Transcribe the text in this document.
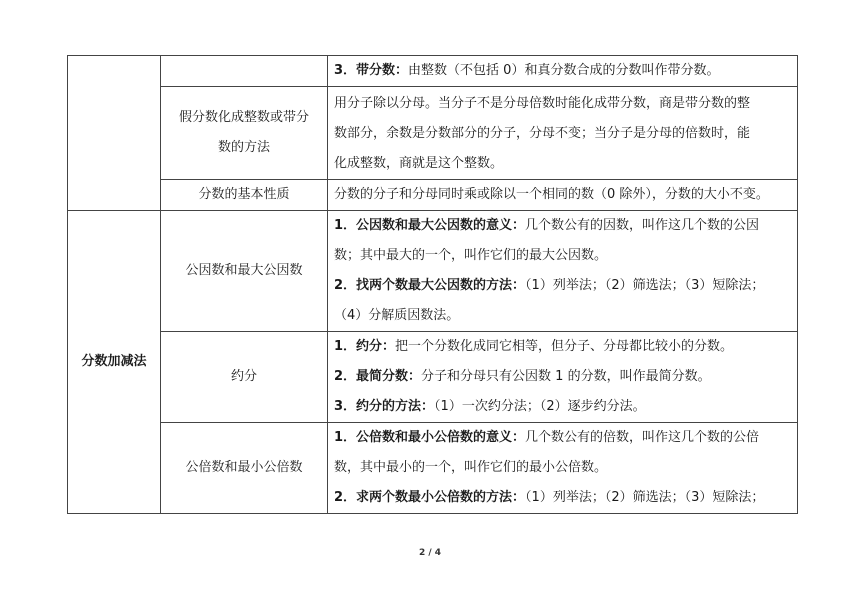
		3．带分数：由整数（不包括 0）和真分数合成的分数叫作带分数。

	假分数化成整数或带分
数的方法	用分子除以分母。当分子不是分母倍数时能化成带分数，商是带分数的整
数部分，余数是分数部分的分子，分母不变；当分子是分母的倍数时，能
化成整数，商就是这个整数。

	分数的基本性质	分数的分子和分母同时乘或除以一个相同的数（0 除外），分数的大小不变。

分数加减法	公因数和最大公因数	1．公因数和最大公因数的意义：几个数公有的因数，叫作这几个数的公因
数；其中最大的一个，叫作它们的最大公因数。
2．找两个数最大公因数的方法：（1）列举法；（2）筛选法；（3）短除法；
（4）分解质因数法。

	约分	1．约分：把一个分数化成同它相等，但分子、分母都比较小的分数。
2．最简分数：分子和分母只有公因数 1 的分数，叫作最简分数。
3．约分的方法：（1）一次约分法；（2）逐步约分法。

	公倍数和最小公倍数	1．公倍数和最小公倍数的意义：几个数公有的倍数，叫作这几个数的公倍
数，其中最小的一个，叫作它们的最小公倍数。
2．求两个数最小公倍数的方法：（1）列举法；（2）筛选法；（3）短除法；
2 / 4
